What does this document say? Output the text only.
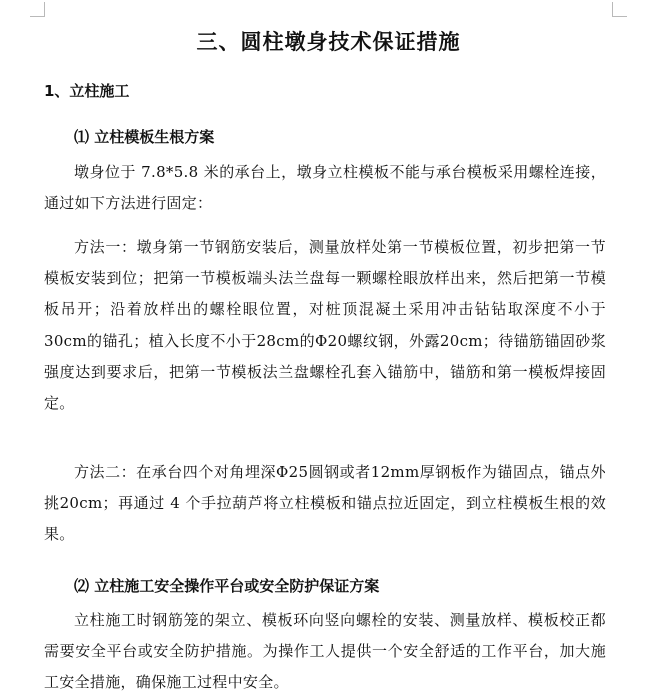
三、圆柱墩身技术保证措施
1、立柱施工
⑴ 立柱模板生根方案

墩身位于 7.8*5.8 米的承台上，墩身立柱模板不能与承台模板采用螺栓连接，通过如下方法进行固定：

方法一：墩身第一节钢筋安装后，测量放样处第一节模板位置，初步把第一节模板安装到位；把第一节模板端头法兰盘每一颗螺栓眼放样出来，然后把第一节模板吊开；沿着放样出的螺栓眼位置，对桩顶混凝土采用冲击钻钻取深度不小于30cm的锚孔；植入长度不小于28cm的Φ20螺纹钢，外露20cm；待锚筋锚固砂浆强度达到要求后，把第一节模板法兰盘螺栓孔套入锚筋中，锚筋和第一模板焊接固定。

方法二：在承台四个对角埋深Φ25圆钢或者12mm厚钢板作为锚固点，锚点外挑20cm；再通过 4 个手拉葫芦将立柱模板和锚点拉近固定，到立柱模板生根的效果。

⑵ 立柱施工安全操作平台或安全防护保证方案

立柱施工时钢筋笼的架立、模板环向竖向螺栓的安装、测量放样、模板校正都需要安全平台或安全防护措施。为操作工人提供一个安全舒适的工作平台，加大施工安全措施，确保施工过程中安全。
